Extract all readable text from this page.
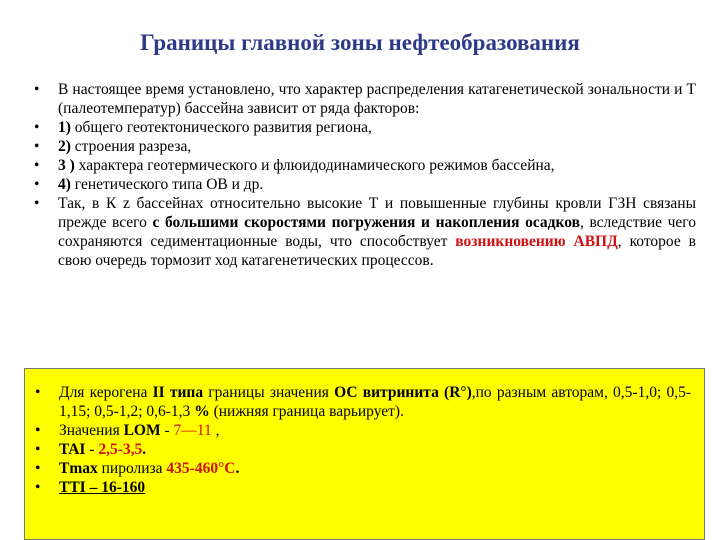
Границы главной зоны нефтеобразования
• В настоящее время установлено, что характер распределения катагенетической зональности и Т (палеотемператур) бассейна зависит от ряда факторов:
• 1) общего геотектонического развития региона,
• 2) строения разреза,
• 3 ) характера геотермического и флюидодинамического режимов бассейна,
• 4) генетического типа ОВ и др.
• Так, в К z бассейнах относительно высокие Т и повышенные глубины кровли ГЗН связаны прежде всего с большими скоростями погружения и накопления осадков, вследствие чего сохраняются седиментационные воды, что способствует возникновению АВПД, которое в свою очередь тормозит ход катагенетических процессов.
• Для керогена II типа границы значения ОС витринита (R°),по разным авторам, 0,5-1,0; 0,5-1,15; 0,5-1,2; 0,6-1,3 % (нижняя граница варьирует).
• Значения LOM - 7—11 ,
• TAI - 2,5-3,5.
• Tmax пиролиза 435-460°С.
• TTI – 16-160
